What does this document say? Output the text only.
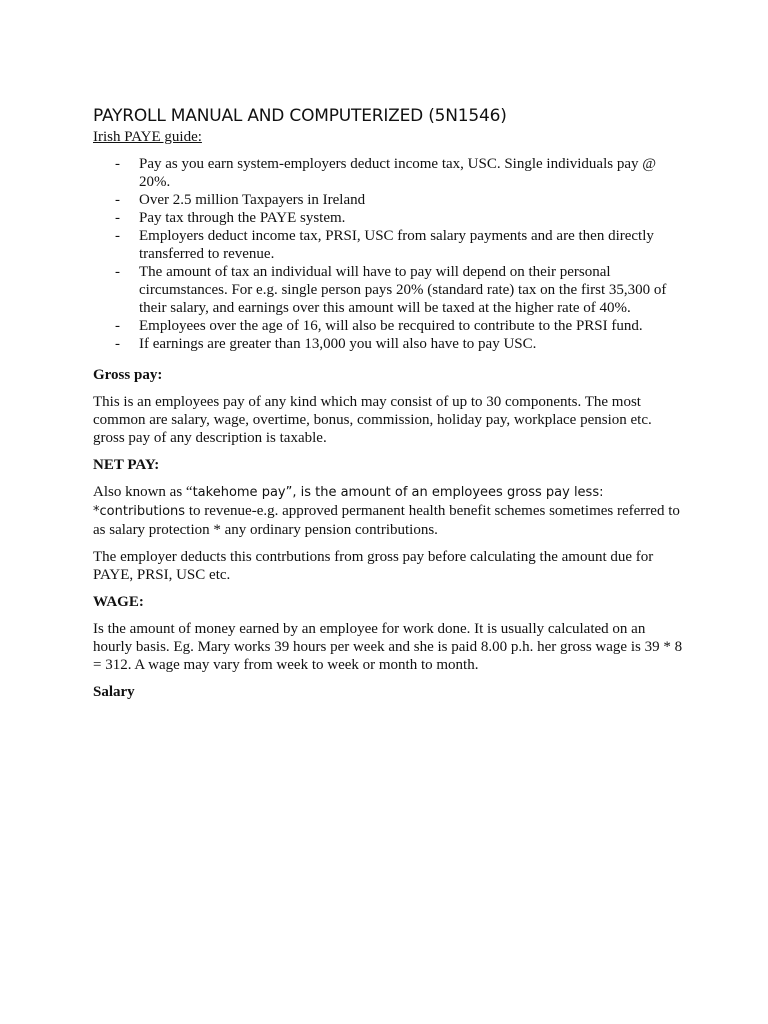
PAYROLL MANUAL AND COMPUTERIZED (5N1546)

Irish PAYE guide:

- Pay as you earn system-employers deduct income tax, USC. Single individuals pay @ 20%.
- Over 2.5 million Taxpayers in Ireland
- Pay tax through the PAYE system.
- Employers deduct income tax, PRSI, USC from salary payments and are then directly transferred to revenue.
- The amount of tax an individual will have to pay will depend on their personal circumstances. For e.g. single person pays 20% (standard rate) tax on the first 35,300 of their salary, and earnings over this amount will be taxed at the higher rate of 40%.
- Employees over the age of 16, will also be recquired to contribute to the PRSI fund.
- If earnings are greater than 13,000 you will also have to pay USC.

Gross pay:

This is an employees pay of any kind which may consist of up to 30 components. The most common are salary, wage, overtime, bonus, commission, holiday pay, workplace pension etc. gross pay of any description is taxable.

NET PAY:

Also known as “takehome pay”, is the amount of an employees gross pay less: *contributions to revenue-e.g. approved permanent health benefit schemes sometimes referred to as salary protection * any ordinary pension contributions.

The employer deducts this contrbutions from gross pay before calculating the amount due for PAYE, PRSI, USC etc.

WAGE:

Is the amount of money earned by an employee for work done. It is usually calculated on an hourly basis. Eg. Mary works 39 hours per week and she is paid 8.00 p.h. her gross wage is 39 * 8 = 312. A wage may vary from week to week or month to month.

Salary
